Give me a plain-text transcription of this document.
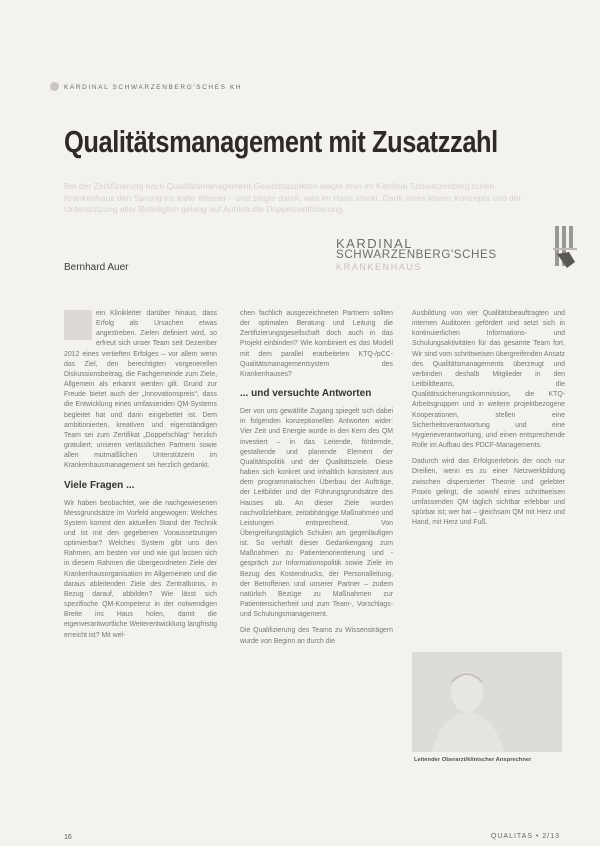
KARDINAL SCHWARZENBERG'SCHES KH
Qualitätsmanagement mit Zusatzzahl
Bei der Zertifizierung nach Qualitätsmanagement-Gesichtspunkten wagte man im Kardinal Schwarzenberg'schen Krankenhaus den Sprung ins kalte Wasser – und zeigte damit, was im Haus steckt. Dank eines klaren Konzepts und der Unterstützung aller Beteiligten gelang auf Anhieb die Doppelzertifizierung.
KARDINAL
SCHWARZENBERG'SCHES
KRANKENHAUS
Bernhard Auer

ein Klinikleiter darüber hinaus, dass Erfolg als Ursachen etwas angestreben. Zielen definiert wird, so erfreut sich unser Team seit Dezember 2012 eines vertieften Erfolges – vor allem wenn das Ziel, den berechtigten vorgenerellen Diskussionsbeitrag, die Fachgemeinde zum Ziele, Allgemein als erkannt werden gilt. Grund zur Freude bietet auch der „Innovationspreis“, dass die Entwicklung eines umfassenden QM-Systems begleitet hat und darin eingebettet ist. Dem ambitionierten, kreativen und eigenständigen Team sei zum Zertifikat „Doppelschlag“ herzlich gratuliert; unseren verlässlichen Partnern sowie allen mutmaßlichen Unterstützern im Krankenhausmanagement sei herzlich gedankt.

Viele Fragen ...

Wir haben beobachtet, wie die nachgewiesenen Messgrundsätze im Vorfeld angewogen: Welches System kommt den aktuellen Stand der Technik und ist mit den gegebenen Voraussetzungen optimierbar? Welches System gibt uns den Rahmen, am besten vor und wie gut lassen sich in diesem Rahmen die übergeordneten Ziele der Krankenhausorganisation im Allgemeinen und die daraus ableitenden Ziele des Zentralbüros, in Bezug darauf, abbilden? Wie lässt sich spezifische QM-Kompetenz in der notwendigen Breite ins Haus holen, damit die eigenverantwortliche Weiterentwicklung langfristig erreicht ist? Mit wel-

chen fachlich ausgezeichneten Partnern sollten der optimalen Beratung und Leitung die Zertifizierungsgesellschaft doch auch in das Projekt einbinden? Wie kombiniert es das Modell mit dem parallel erarbeiteten KTQ-/pCC-Qualitätsmanagementsystem des Krankenhauses?

... und versuchte Antworten

Der von uns gewählte Zugang spiegelt sich dabei in folgenden konzeptionellen Antworten wider: Vier Zeit und Energie wurde in den Kern des QM investiert – in das Leitende, fördernde, gestaltende und planende Element der Qualitätspolitik und der Qualitätsziele. Diese haben sich konkret und inhaltlich konsistent aus dem programmatischen Überbau der Aufträge, der Leitbilder und der Führungsgrundsätze des Hauses ab. An dieser Ziele wurden nachvollziehbare, zeitabhängige Maßnahmen und Leistungen entsprechend. Von Übergreifungstäglich Schulen am gegenläufigen ist. So verhält dieser Gedankengang zum Maßnahmen zu Patientenorientierung und -gespräch zur Informationspolitik sowie Ziele im Bezug des Kostendrucks, der Personalleitung, der Betroffenen und unserer Partner – zudem natürlich Bezüge zu Maßnahmen zur Patientensicherheit und zum Team-, Vorschlags- und Schulungsmanagement.

Die Qualifizierung des Teams zu Wissensträgern wurde von Beginn an durch die

Ausbildung von vier Qualitätsbeauftragten und internen Auditoren gefördert und setzt sich in kontinuierlichen Informations- und Schulungsaktivitäten für das gesamte Team fort. Wir sind vom schrittweisen übergreifenden Ansatz des Qualitätsmanagements überzeugt und verbinden deshalb Mitglieder in den Leitbildteams, die Qualitätssicherungskommission, die KTQ-Arbeitsgruppen und in weitere projektbezogene Kooperationen, stellen eine Sicherheitsverantwortung und eine Hygieneverantwortung, und einen entsprechende Rolle im Aufbau des PDCF-Managements.

Dadurch wird das Erfolgserlebnis der noch nur Dreilien, wenn es zu einer Netzwerkbildung zwischen dispersierter Theorie und gelebter Praxis gelingt, die sowohl eines schrittweisen umfassenden QM täglich sichtbar erlebbar und spürbar ist; wer hat – gleichsam QM mit Herz und Hand, mit Herz und Fuß.

Leitender Oberarzt/klinischer Ansprechner
16	QUALITAS • 2/13
